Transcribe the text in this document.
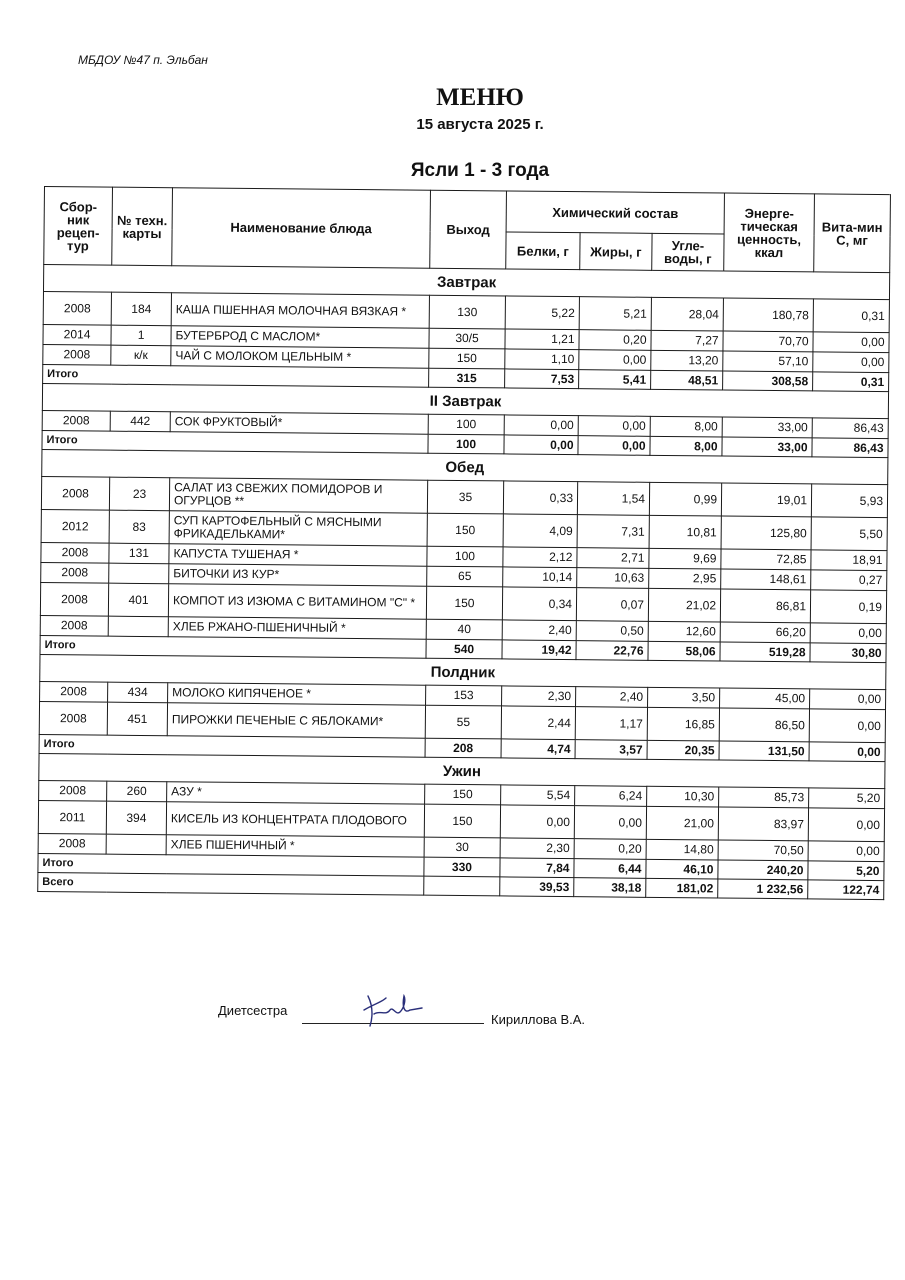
МБДОУ №47 п. Эльбан
МЕНЮ
15 августа 2025 г.
Ясли 1 - 3 года
Сбор-ник рецеп-тур	№ техн. карты	Наименование блюда	Выход	Химический состав			Энерге-тическая ценность, ккал	Вита-мин С, мг
				Белки, г	Жиры, г	Угле-воды, г		
Завтрак								
2008	184	КАША ПШЕННАЯ МОЛОЧНАЯ ВЯЗКАЯ *	130	5,22	5,21	28,04	180,78	0,31
2014	1	БУТЕРБРОД С МАСЛОМ*	30/5	1,21	0,20	7,27	70,70	0,00
2008	к/к	ЧАЙ С МОЛОКОМ ЦЕЛЬНЫМ *	150	1,10	0,00	13,20	57,10	0,00
Итого			315	7,53	5,41	48,51	308,58	0,31
II Завтрак								
2008	442	СОК ФРУКТОВЫЙ*	100	0,00	0,00	8,00	33,00	86,43
Итого			100	0,00	0,00	8,00	33,00	86,43
Обед								
2008	23	САЛАТ ИЗ СВЕЖИХ ПОМИДОРОВ И ОГУРЦОВ **	35	0,33	1,54	0,99	19,01	5,93
2012	83	СУП КАРТОФЕЛЬНЫЙ С МЯСНЫМИ ФРИКАДЕЛЬКАМИ*	150	4,09	7,31	10,81	125,80	5,50
2008	131	КАПУСТА ТУШЕНАЯ *	100	2,12	2,71	9,69	72,85	18,91
2008		БИТОЧКИ ИЗ КУР*	65	10,14	10,63	2,95	148,61	0,27
2008	401	КОМПОТ ИЗ ИЗЮМА С ВИТАМИНОМ "С" *	150	0,34	0,07	21,02	86,81	0,19
2008		ХЛЕБ РЖАНО-ПШЕНИЧНЫЙ *	40	2,40	0,50	12,60	66,20	0,00
Итого			540	19,42	22,76	58,06	519,28	30,80
Полдник								
2008	434	МОЛОКО КИПЯЧЕНОЕ *	153	2,30	2,40	3,50	45,00	0,00
2008	451	ПИРОЖКИ ПЕЧЕНЫЕ С ЯБЛОКАМИ*	55	2,44	1,17	16,85	86,50	0,00
Итого			208	4,74	3,57	20,35	131,50	0,00
Ужин								
2008	260	АЗУ *	150	5,54	6,24	10,30	85,73	5,20
2011	394	КИСЕЛЬ ИЗ КОНЦЕНТРАТА ПЛОДОВОГО	150	0,00	0,00	21,00	83,97	0,00
2008		ХЛЕБ ПШЕНИЧНЫЙ *	30	2,30	0,20	14,80	70,50	0,00
Итого			330	7,84	6,44	46,10	240,20	5,20
Всего				39,53	38,18	181,02	1 232,56	122,74
Диетсестра
Кириллова В.А.
